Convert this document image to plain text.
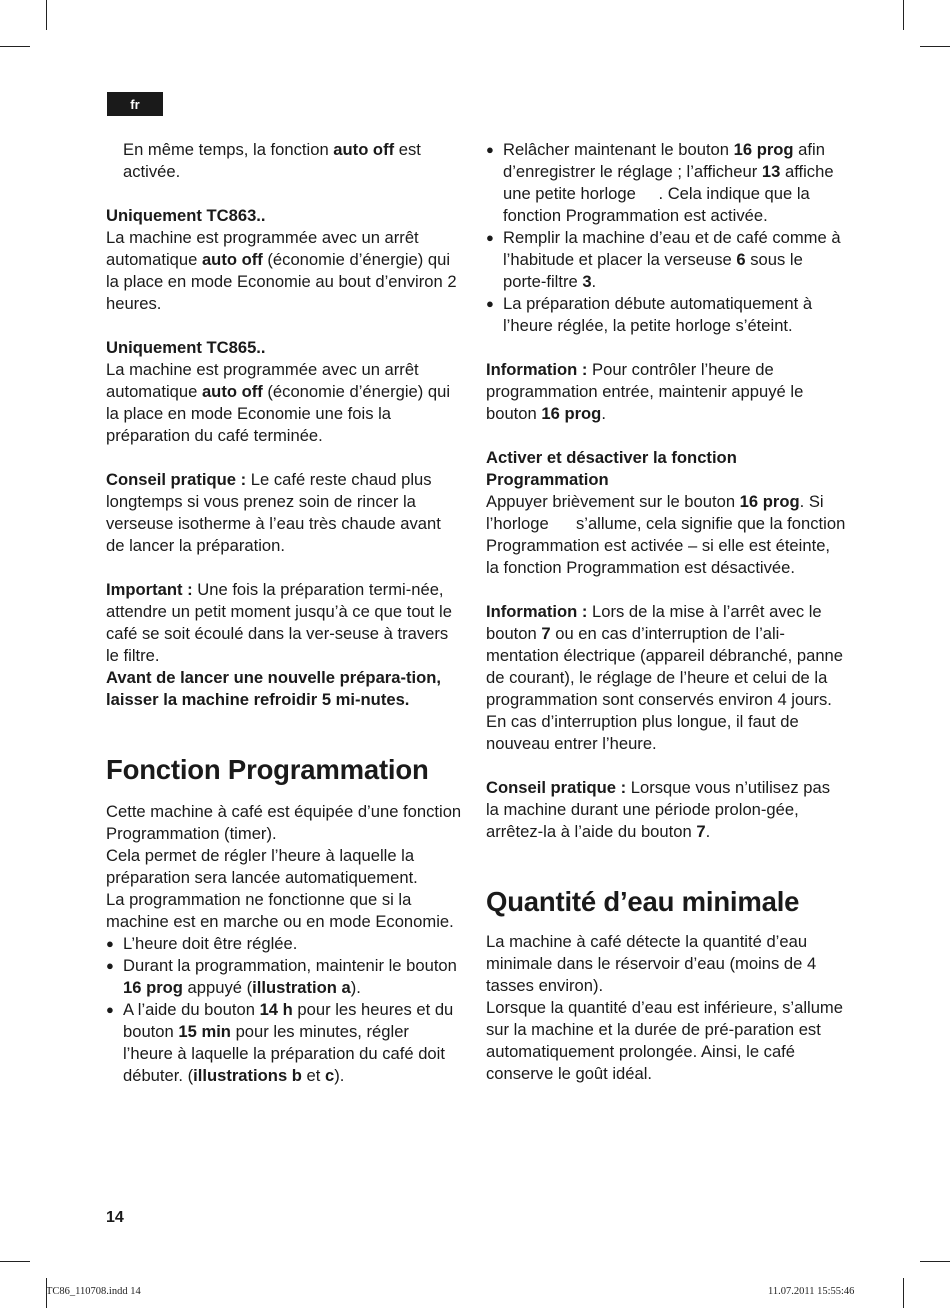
fr

En même temps, la fonction auto off est activée.

Uniquement TC863..

La machine est programmée avec un arrêt automatique auto off (économie d’énergie) qui la place en mode Economie au bout d’environ 2 heures.

Uniquement TC865..

La machine est programmée avec un arrêt automatique auto off (économie d’énergie) qui la place en mode Economie une fois la préparation du café terminée.

Conseil pratique : Le café reste chaud plus longtemps si vous prenez soin de rincer la verseuse isotherme à l’eau très chaude avant de lancer la préparation.

Important : Une fois la préparation termi-née, attendre un petit moment jusqu’à ce que tout le café se soit écoulé dans la ver-seuse à travers le filtre.

Avant de lancer une nouvelle prépara-tion, laisser la machine refroidir 5 mi-nutes.

Fonction Programmation

Cette machine à café est équipée d’une fonction Programmation (timer).

Cela permet de régler l’heure à laquelle la préparation sera lancée automatiquement.

La programmation ne fonctionne que si la machine est en marche ou en mode Economie.

● L’heure doit être réglée.

● Durant la programmation, maintenir le bouton 16 prog appuyé (illustration a).

● A l’aide du bouton 14 h pour les heures et du bouton 15 min pour les minutes, régler l’heure à laquelle la préparation du café doit débuter. (illustrations b et c).

● Relâcher maintenant le bouton 16 prog afin d’enregistrer le réglage ; l’afficheur 13 affiche une petite horloge . Cela indique que la fonction Programmation est activée.

● Remplir la machine d’eau et de café comme à l’habitude et placer la verseuse 6 sous le porte-filtre 3.

● La préparation débute automatiquement à l’heure réglée, la petite horloge s’éteint.

Information : Pour contrôler l’heure de programmation entrée, maintenir appuyé le bouton 16 prog.

Activer et désactiver la fonction Programmation

Appuyer brièvement sur le bouton 16 prog. Si l’horloge  s’allume, cela signifie que la fonction Programmation est activée – si elle est éteinte, la fonction Programmation est désactivée.

Information : Lors de la mise à l’arrêt avec le bouton 7 ou en cas d’interruption de l’ali-mentation électrique (appareil débranché, panne de courant), le réglage de l’heure et celui de la programmation sont conservés environ 4 jours. En cas d’interruption plus longue, il faut de nouveau entrer l’heure.

Conseil pratique : Lorsque vous n’utilisez pas la machine durant une période prolon-gée, arrêtez-la à l’aide du bouton 7.

Quantité d’eau minimale

La machine à café détecte la quantité d’eau minimale dans le réservoir d’eau (moins de 4 tasses environ).

Lorsque la quantité d’eau est inférieure, s’allume sur la machine et la durée de pré-paration est automatiquement prolongée. Ainsi, le café conserve le goût idéal.

14
TC86_110708.indd 14	11.07.2011 15:55:46
